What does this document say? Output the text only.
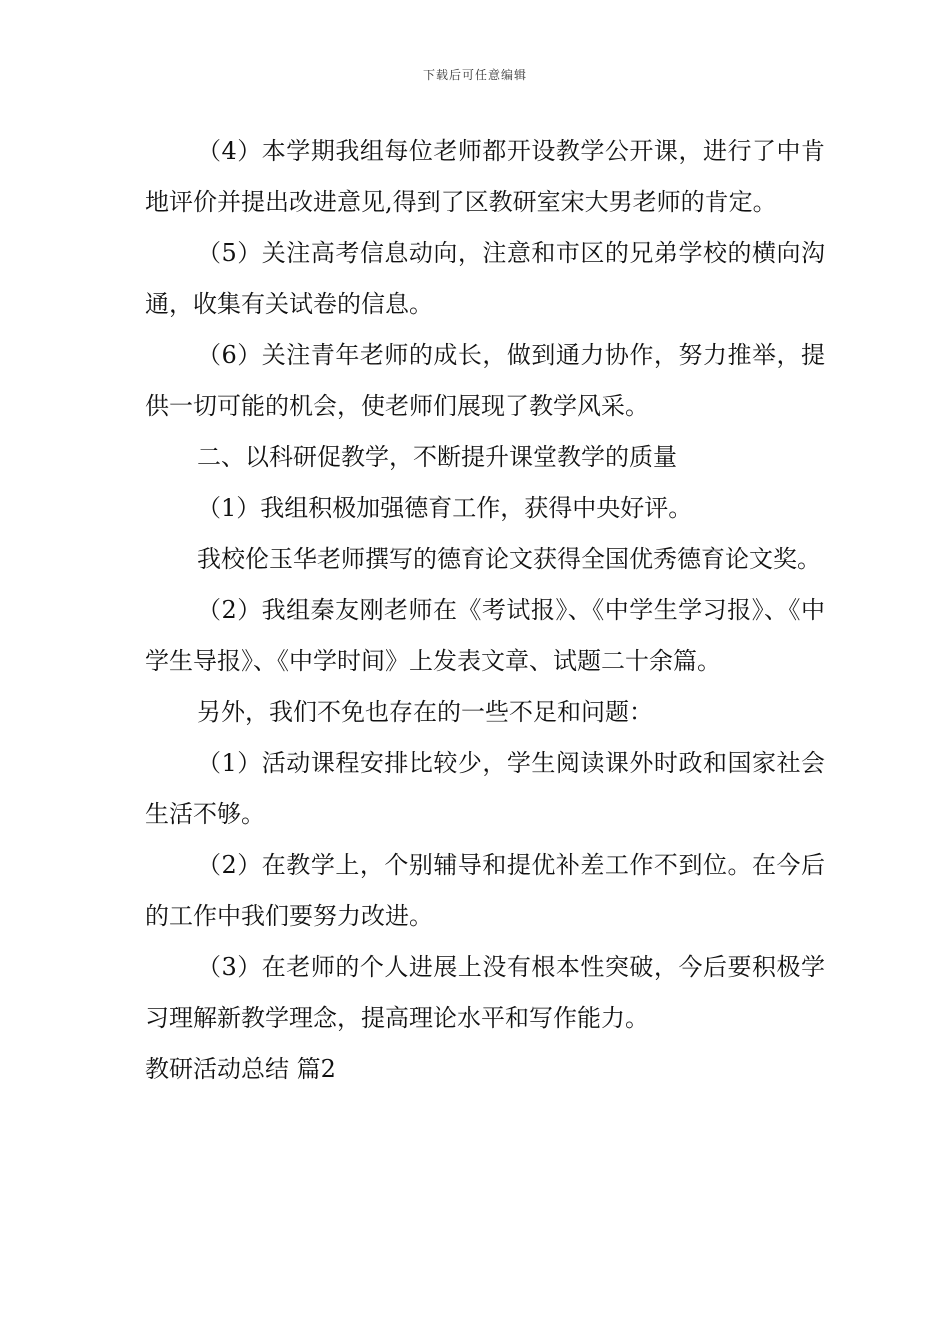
下载后可任意编辑

（4）本学期我组每位老师都开设教学公开课，进行了中肯地评价并提出改进意见,得到了区教研室宋大男老师的肯定。

（5）关注高考信息动向，注意和市区的兄弟学校的横向沟通，收集有关试卷的信息。

（6）关注青年老师的成长，做到通力协作，努力推举，提供一切可能的机会，使老师们展现了教学风采。

二、以科研促教学，不断提升课堂教学的质量

（1）我组积极加强德育工作，获得中央好评。

我校伦玉华老师撰写的德育论文获得全国优秀德育论文奖。

（2）我组秦友刚老师在《考试报》、《中学生学习报》、《中学生导报》、《中学时间》上发表文章、试题二十余篇。

另外，我们不免也存在的一些不足和问题：

（1）活动课程安排比较少，学生阅读课外时政和国家社会生活不够。

（2）在教学上，个别辅导和提优补差工作不到位。在今后的工作中我们要努力改进。

（3）在老师的个人进展上没有根本性突破，今后要积极学习理解新教学理念，提高理论水平和写作能力。

教研活动总结 篇2
